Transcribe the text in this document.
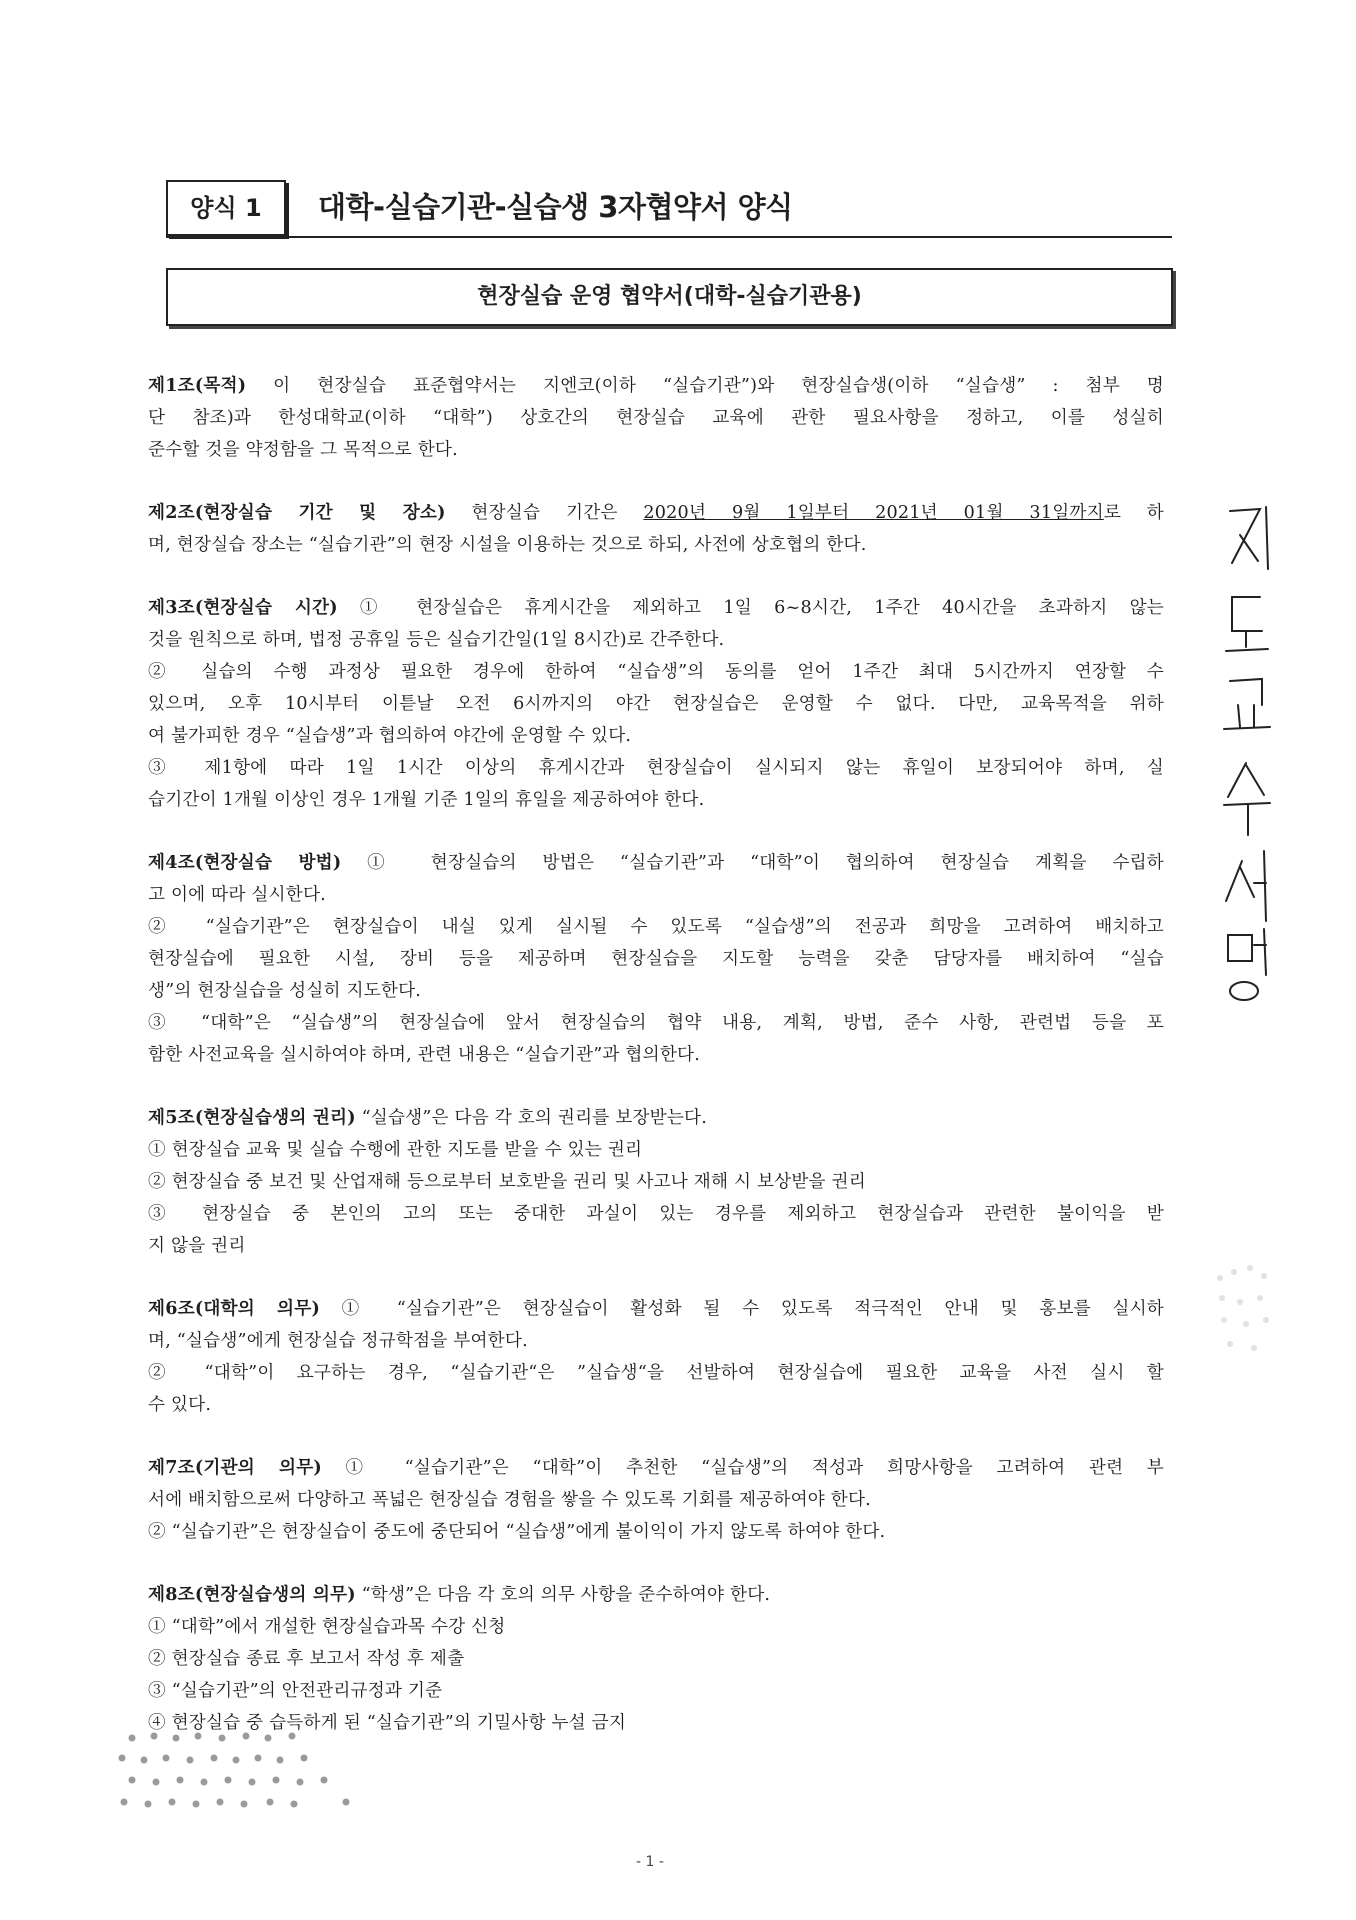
양식 1	대학-실습기관-실습생 3자협약서 양식
현장실습 운영 협약서(대학-실습기관용)
제1조(목적) 이 현장실습 표준협약서는 지엔코(이하 “실습기관”)와 현장실습생(이하 “실습생” : 첨부 명
단 참조)과 한성대학교(이하 “대학”) 상호간의 현장실습 교육에 관한 필요사항을 정하고, 이를 성실히
준수할 것을 약정함을 그 목적으로 한다.
제2조(현장실습 기간 및 장소) 현장실습 기간은 2020년 9월 1일부터 2021년 01월 31일까지로 하
며, 현장실습 장소는 “실습기관”의 현장 시설을 이용하는 것으로 하되, 사전에 상호협의 한다.
제3조(현장실습 시간) ① 현장실습은 휴게시간을 제외하고 1일 6~8시간, 1주간 40시간을 초과하지 않는
것을 원칙으로 하며, 법정 공휴일 등은 실습기간일(1일 8시간)로 간주한다.
② 실습의 수행 과정상 필요한 경우에 한하여 “실습생”의 동의를 얻어 1주간 최대 5시간까지 연장할 수
있으며, 오후 10시부터 이튿날 오전 6시까지의 야간 현장실습은 운영할 수 없다. 다만, 교육목적을 위하
여 불가피한 경우 “실습생”과 협의하여 야간에 운영할 수 있다.
③ 제1항에 따라 1일 1시간 이상의 휴게시간과 현장실습이 실시되지 않는 휴일이 보장되어야 하며, 실
습기간이 1개월 이상인 경우 1개월 기준 1일의 휴일을 제공하여야 한다.
제4조(현장실습 방법) ① 현장실습의 방법은 “실습기관”과 “대학”이 협의하여 현장실습 계획을 수립하
고 이에 따라 실시한다.
② “실습기관”은 현장실습이 내실 있게 실시될 수 있도록 “실습생”의 전공과 희망을 고려하여 배치하고
현장실습에 필요한 시설, 장비 등을 제공하며 현장실습을 지도할 능력을 갖춘 담당자를 배치하여 “실습
생”의 현장실습을 성실히 지도한다.
③ “대학”은 “실습생”의 현장실습에 앞서 현장실습의 협약 내용, 계획, 방법, 준수 사항, 관련법 등을 포
함한 사전교육을 실시하여야 하며, 관련 내용은 “실습기관”과 협의한다.
제5조(현장실습생의 권리) “실습생”은 다음 각 호의 권리를 보장받는다.
① 현장실습 교육 및 실습 수행에 관한 지도를 받을 수 있는 권리
② 현장실습 중 보건 및 산업재해 등으로부터 보호받을 권리 및 사고나 재해 시 보상받을 권리
③ 현장실습 중 본인의 고의 또는 중대한 과실이 있는 경우를 제외하고 현장실습과 관련한 불이익을 받
지 않을 권리
제6조(대학의 의무) ① “실습기관”은 현장실습이 활성화 될 수 있도록 적극적인 안내 및 홍보를 실시하
며, “실습생”에게 현장실습 정규학점을 부여한다.
② “대학”이 요구하는 경우, “실습기관“은 ”실습생“을 선발하여 현장실습에 필요한 교육을 사전 실시 할
수 있다.
제7조(기관의 의무) ① “실습기관”은 “대학”이 추천한 “실습생”의 적성과 희망사항을 고려하여 관련 부
서에 배치함으로써 다양하고 폭넓은 현장실습 경험을 쌓을 수 있도록 기회를 제공하여야 한다.
② “실습기관”은 현장실습이 중도에 중단되어 “실습생”에게 불이익이 가지 않도록 하여야 한다.
제8조(현장실습생의 의무) “학생”은 다음 각 호의 의무 사항을 준수하여야 한다.
① “대학”에서 개설한 현장실습과목 수강 신청
② 현장실습 종료 후 보고서 작성 후 제출
③ “실습기관”의 안전관리규정과 기준
④ 현장실습 중 습득하게 된 “실습기관”의 기밀사항 누설 금지
- 1 -
